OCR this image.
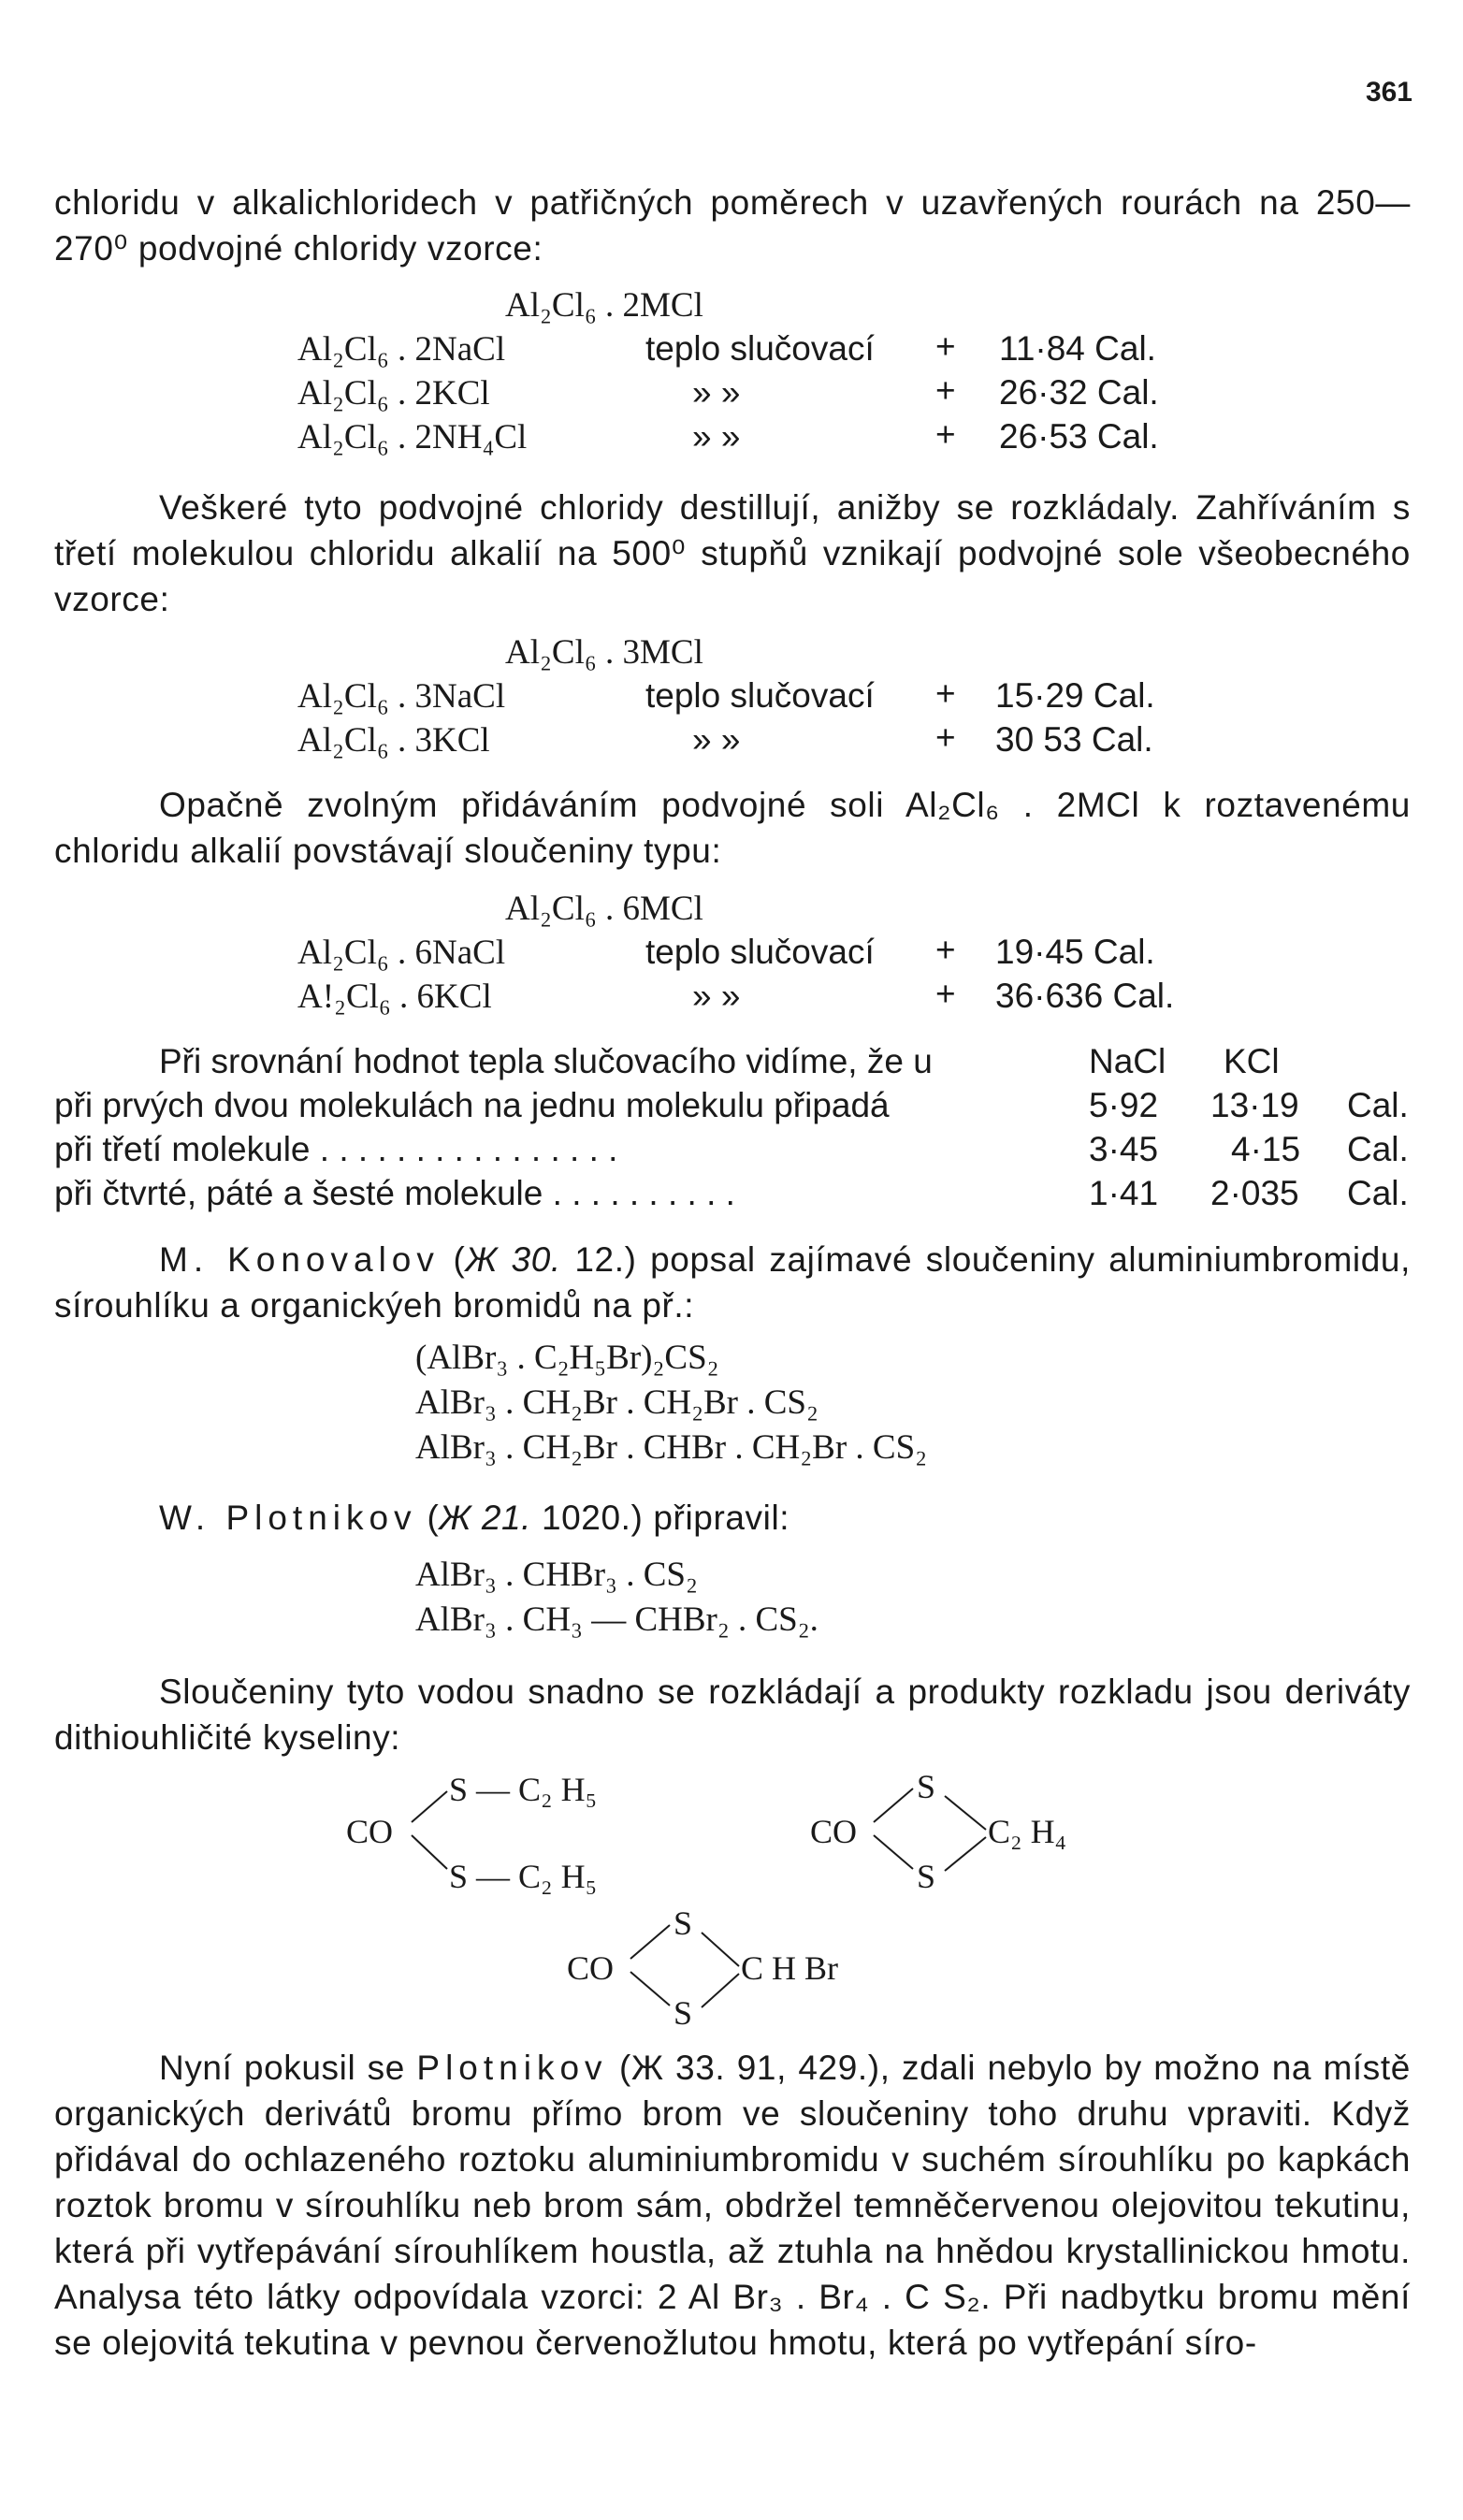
361

chloridu v alkalichloridech v patřičných poměrech v uzavřených rourách na 250—270⁰ podvojné chloridy vzorce:

Al₂Cl₆ . 2MCl
Al₂Cl₆ . 2NaCl	teplo slučovací + 11·84 Cal.
Al₂Cl₆ . 2KCl	» »	+ 26·32 Cal.
Al₂Cl₆ . 2NH₄Cl	» »	+ 26·53 Cal.

Veškeré tyto podvojné chloridy destillují, anižby se rozkládaly. Zahříváním s třetí molekulou chloridu alkalií na 500⁰ stupňů vznikají podvojné sole všeobecného vzorce:

Al₂Cl₆ . 3MCl
Al₂Cl₆ . 3NaCl	teplo slučovací + 15·29 Cal.
Al₂Cl₆ . 3KCl	» »	+ 30 53 Cal.

Opačně zvolným přidáváním podvojné soli Al₂Cl₆ . 2MCl k roztavenému chloridu alkalií povstávají sloučeniny typu:

Al₂Cl₆ . 6MCl
Al₂Cl₆ . 6NaCl	teplo slučovací + 19·45 Cal.
A!₂Cl₆ . 6KCl	» »	+ 36·636 Cal.
Při srovnání hodnot tepla slučovacího vidíme, že u	NaCl KCl
při prvých dvou molekulách na jednu molekulu připadá	5·92 13·19 Cal.
při třetí molekule . . . . . . . . . . . . . . . .	3·45 4·15 Cal.
při čtvrté, páté a šesté molekule . . . . . . . . . .	1·41 2·035 Cal.

M. Konovalov (Ж 30. 12.) popsal zajímavé sloučeniny aluminiumbromidu, sírouhlíku a organickýeh bromidů na př.:

(AlBr₃ . C₂H₅Br)₂CS₂
AlBr₃ . CH₂Br . CH₂Br . CS₂
AlBr₃ . CH₂Br . CHBr . CH₂Br . CS₂

W. Plotnikov (Ж 21. 1020.) připravil:

AlBr₃ . CHBr₃ . CS₂
AlBr₃ . CH₃ — CHBr₂ . CS₂.

Sloučeniny tyto vodou snadno se rozkládají a produkty rozkladu jsou deriváty dithiouhličité kyseliny:

CO
S — C₂ H₅
S — C₂ H₅
CO
S
S
C₂ H₄
CO
S
S
C H Br

Nyní pokusil se Plotnikov (Ж 33. 91, 429.), zdali nebylo by možno na místě organických derivátů bromu přímo brom ve sloučeniny toho druhu vpraviti. Když přidával do ochlazeného roztoku aluminiumbromidu v suchém sírouhlíku po kapkách roztok bromu v sírouhlíku neb brom sám, obdržel temněčervenou olejovitou tekutinu, která při vytřepávání sírouhlíkem houstla, až ztuhla na hnědou krystallinickou hmotu. Analysa této látky odpovídala vzorci: 2 Al Br₃ . Br₄ . C S₂. Při nadbytku bromu mění se olejovitá tekutina v pevnou červenožlutou hmotu, která po vytřepání síro-
